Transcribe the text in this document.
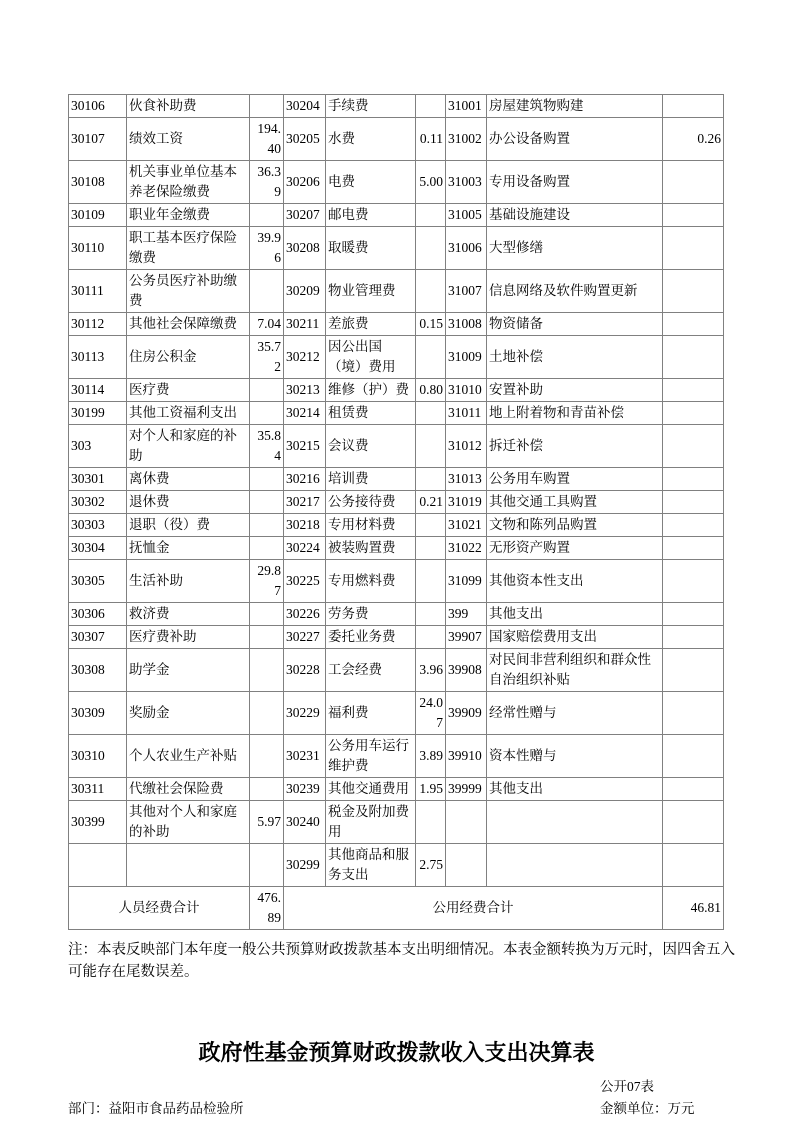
30106	伙食补助费		30204	手续费		31001	房屋建筑物购建	
30107	绩效工资	194.40	30205	水费	0.11	31002	办公设备购置	0.26
30108	机关事业单位基本养老保险缴费	36.39	30206	电费	5.00	31003	专用设备购置	
30109	职业年金缴费		30207	邮电费		31005	基础设施建设	
30110	职工基本医疗保险缴费	39.96	30208	取暖费		31006	大型修缮	
30111	公务员医疗补助缴费		30209	物业管理费		31007	信息网络及软件购置更新	
30112	其他社会保障缴费	7.04	30211	差旅费	0.15	31008	物资储备	
30113	住房公积金	35.72	30212	因公出国（境）费用		31009	土地补偿	
30114	医疗费		30213	维修（护）费	0.80	31010	安置补助	
30199	其他工资福利支出		30214	租赁费		31011	地上附着物和青苗补偿	
303	对个人和家庭的补助	35.84	30215	会议费		31012	拆迁补偿	
30301	离休费		30216	培训费		31013	公务用车购置	
30302	退休费		30217	公务接待费	0.21	31019	其他交通工具购置	
30303	退职（役）费		30218	专用材料费		31021	文物和陈列品购置	
30304	抚恤金		30224	被装购置费		31022	无形资产购置	
30305	生活补助	29.87	30225	专用燃料费		31099	其他资本性支出	
30306	救济费		30226	劳务费		399	其他支出	
30307	医疗费补助		30227	委托业务费		39907	国家赔偿费用支出	
30308	助学金		30228	工会经费	3.96	39908	对民间非营利组织和群众性自治组织补贴	
30309	奖励金		30229	福利费	24.07	39909	经常性赠与	
30310	个人农业生产补贴		30231	公务用车运行维护费	3.89	39910	资本性赠与	
30311	代缴社会保险费		30239	其他交通费用	1.95	39999	其他支出	
30399	其他对个人和家庭的补助	5.97	30240	税金及附加费用				
			30299	其他商品和服务支出	2.75			
人员经费合计		476.89	公用经费合计					46.81
注：本表反映部门本年度一般公共预算财政拨款基本支出明细情况。本表金额转换为万元时，因四舍五入可能存在尾数误差。
政府性基金预算财政拨款收入支出决算表
公开07表
部门：益阳市食品药品检验所	金额单位：万元
